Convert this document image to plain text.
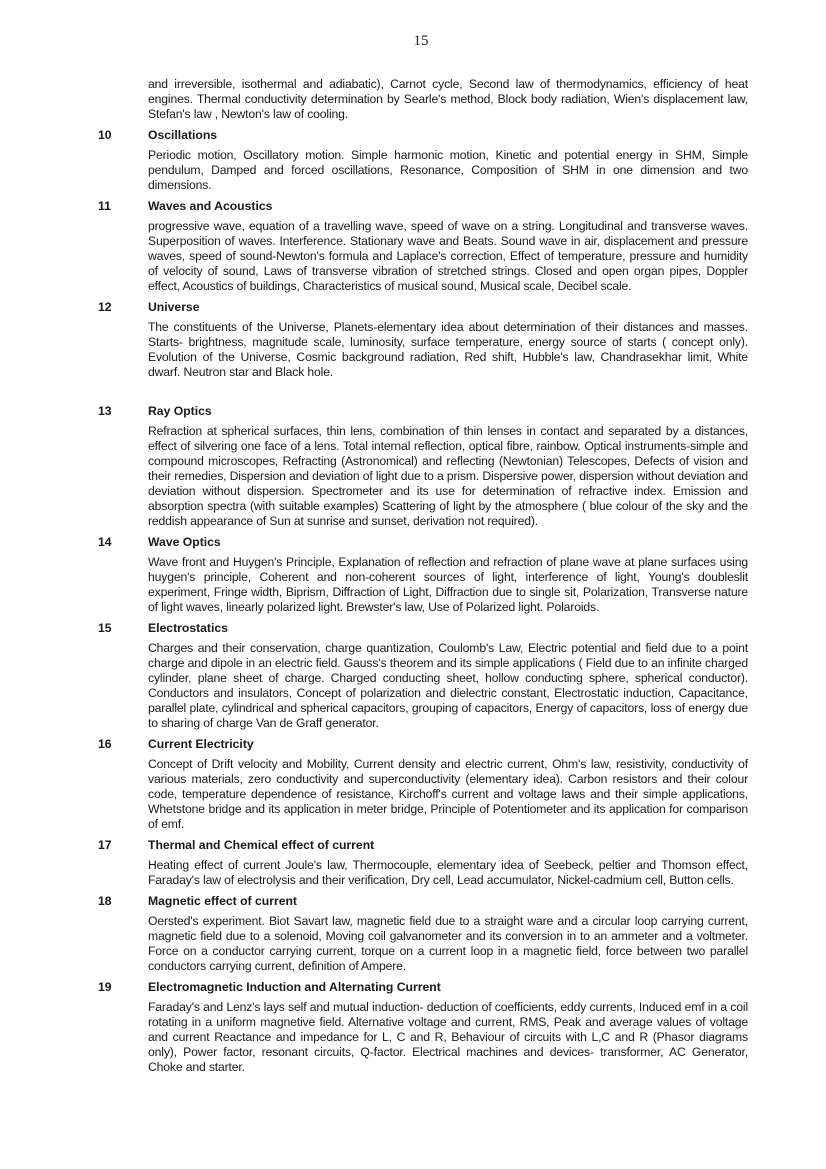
15

and irreversible, isothermal and adiabatic), Carnot cycle, Second law of thermodynamics, efficiency of heat engines. Thermal conductivity determination by Searle's method, Block body radiation, Wien's displacement law, Stefan's law , Newton's law of cooling.

10	Oscillations

Periodic motion, Oscillatory motion. Simple harmonic motion, Kinetic and potential energy in SHM, Simple pendulum, Damped and forced oscillations, Resonance, Composition of SHM in one dimension and two dimensions.

11	Waves and Acoustics

progressive wave, equation of a travelling wave, speed of wave on a string. Longitudinal and transverse waves. Superposition of waves. Interference. Stationary wave and Beats. Sound wave in air, displacement and pressure waves, speed of sound-Newton's formula and Laplace's correction, Effect of temperature, pressure and humidity of velocity of sound, Laws of transverse vibration of stretched strings. Closed and open organ pipes, Doppler effect, Acoustics of buildings, Characteristics of musical sound, Musical scale, Decibel scale.

12	Universe

The constituents of the Universe, Planets-elementary idea about determination of their distances and masses. Starts- brightness, magnitude scale, luminosity, surface temperature, energy source of starts ( concept only). Evolution of the Universe, Cosmic background radiation, Red shift, Hubble's law, Chandrasekhar limit, White dwarf. Neutron star and Black hole.

13	Ray Optics

Refraction at spherical surfaces, thin lens, combination of thin lenses in contact and separated by a distances, effect of silvering one face of a lens. Total internal reflection, optical fibre, rainbow. Optical instruments-simple and compound microscopes, Refracting (Astronomical) and reflecting (Newtonian) Telescopes, Defects of vision and their remedies, Dispersion and deviation of light due to a prism. Dispersive power, dispersion without deviation and deviation without dispersion. Spectrometer and its use for determination of refractive index. Emission and absorption spectra (with suitable examples) Scattering of light by the atmosphere ( blue colour of the sky and the reddish appearance of Sun at sunrise and sunset, derivation not required).

14	Wave Optics

Wave front and Huygen's Principle, Explanation of reflection and refraction of plane wave at plane surfaces using huygen's principle, Coherent and non-coherent sources of light, interference of light, Young's doubleslit experiment, Fringe width, Biprism, Diffraction of Light, Diffraction due to single sit, Polarization, Transverse nature of light waves, linearly polarized light. Brewster's law, Use of Polarized light. Polaroids.

15	Electrostatics

Charges and their conservation, charge quantization, Coulomb's Law, Electric potential and field due to a point charge and dipole in an electric field. Gauss's theorem and its simple applications ( Field due to an infinite charged cylinder, plane sheet of charge. Charged conducting sheet, hollow conducting sphere, spherical conductor). Conductors and insulators, Concept of polarization and dielectric constant, Electrostatic induction, Capacitance, parallel plate, cylindrical and spherical capacitors, grouping of capacitors, Energy of capacitors, loss of energy due to sharing of charge Van de Graff generator.

16	Current Electricity

Concept of Drift velocity and Mobility, Current density and electric current, Ohm's law, resistivity, conductivity of various materials, zero conductivity and superconductivity (elementary idea). Carbon resistors and their colour code, temperature dependence of resistance, Kirchoff's current and voltage laws and their simple applications, Whetstone bridge and its application in meter bridge, Principle of Potentiometer and its application for comparison of emf.

17	Thermal and Chemical effect of current

Heating effect of current Joule's law, Thermocouple, elementary idea of Seebeck, peltier and Thomson effect, Faraday's law of electrolysis and their verification, Dry cell, Lead accumulator, Nickel-cadmium cell, Button cells.

18	Magnetic effect of current

Oersted's experiment. Biot Savart law, magnetic field due to a straight ware and a circular loop carrying current, magnetic field due to a solenoid, Moving coil galvanometer and its conversion in to an ammeter and a voltmeter. Force on a conductor carrying current, torque on a current loop in a magnetic field, force between two parallel conductors carrying current, definition of Ampere.

19	Electromagnetic Induction and Alternating Current

Faraday's and Lenz's lays self and mutual induction- deduction of coefficients, eddy currents, Induced emf in a coil rotating in a uniform magnetive field. Alternative voltage and current, RMS, Peak and average values of voltage and current Reactance and impedance for L, C and R, Behaviour of circuits with L,C and R (Phasor diagrams only), Power factor, resonant circuits, Q-factor. Electrical machines and devices- transformer, AC Generator, Choke and starter.
